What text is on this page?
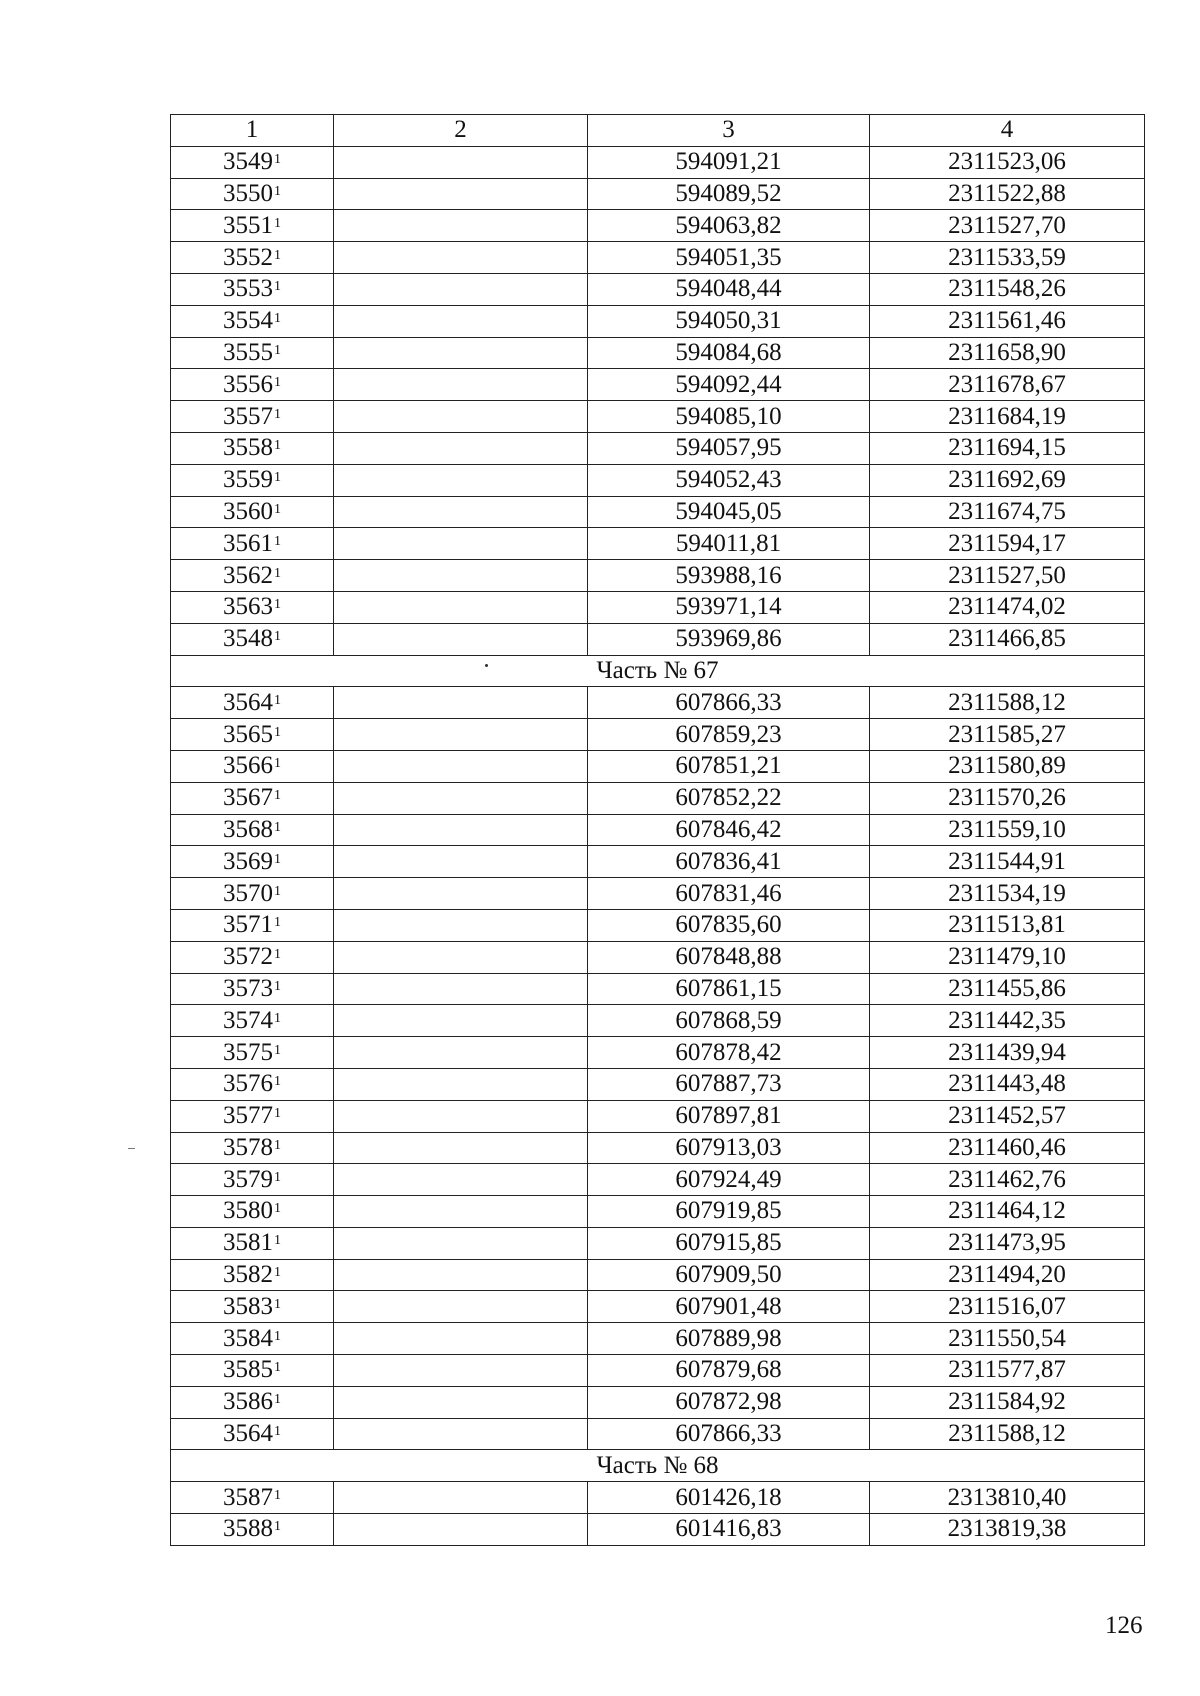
1	2	3	4
3549$^1$		594091,21	2311523,06
3550$^1$		594089,52	2311522,88
3551$^1$		594063,82	2311527,70
3552$^1$		594051,35	2311533,59
3553$^1$		594048,44	2311548,26
3554$^1$		594050,31	2311561,46
3555$^1$		594084,68	2311658,90
3556$^1$		594092,44	2311678,67
3557$^1$		594085,10	2311684,19
3558$^1$		594057,95	2311694,15
3559$^1$		594052,43	2311692,69
3560$^1$		594045,05	2311674,75
3561$^1$		594011,81	2311594,17
3562$^1$		593988,16	2311527,50
3563$^1$		593971,14	2311474,02
3548$^1$		593969,86	2311466,85
Часть № 67			
3564$^1$		607866,33	2311588,12
3565$^1$		607859,23	2311585,27
3566$^1$		607851,21	2311580,89
3567$^1$		607852,22	2311570,26
3568$^1$		607846,42	2311559,10
3569$^1$		607836,41	2311544,91
3570$^1$		607831,46	2311534,19
3571$^1$		607835,60	2311513,81
3572$^1$		607848,88	2311479,10
3573$^1$		607861,15	2311455,86
3574$^1$		607868,59	2311442,35
3575$^1$		607878,42	2311439,94
3576$^1$		607887,73	2311443,48
3577$^1$		607897,81	2311452,57
3578$^1$		607913,03	2311460,46
3579$^1$		607924,49	2311462,76
3580$^1$		607919,85	2311464,12
3581$^1$		607915,85	2311473,95
3582$^1$		607909,50	2311494,20
3583$^1$		607901,48	2311516,07
3584$^1$		607889,98	2311550,54
3585$^1$		607879,68	2311577,87
3586$^1$		607872,98	2311584,92
3564$^1$		607866,33	2311588,12
Часть № 68			
3587$^1$		601426,18	2313810,40
3588$^1$		601416,83	2313819,38
126
